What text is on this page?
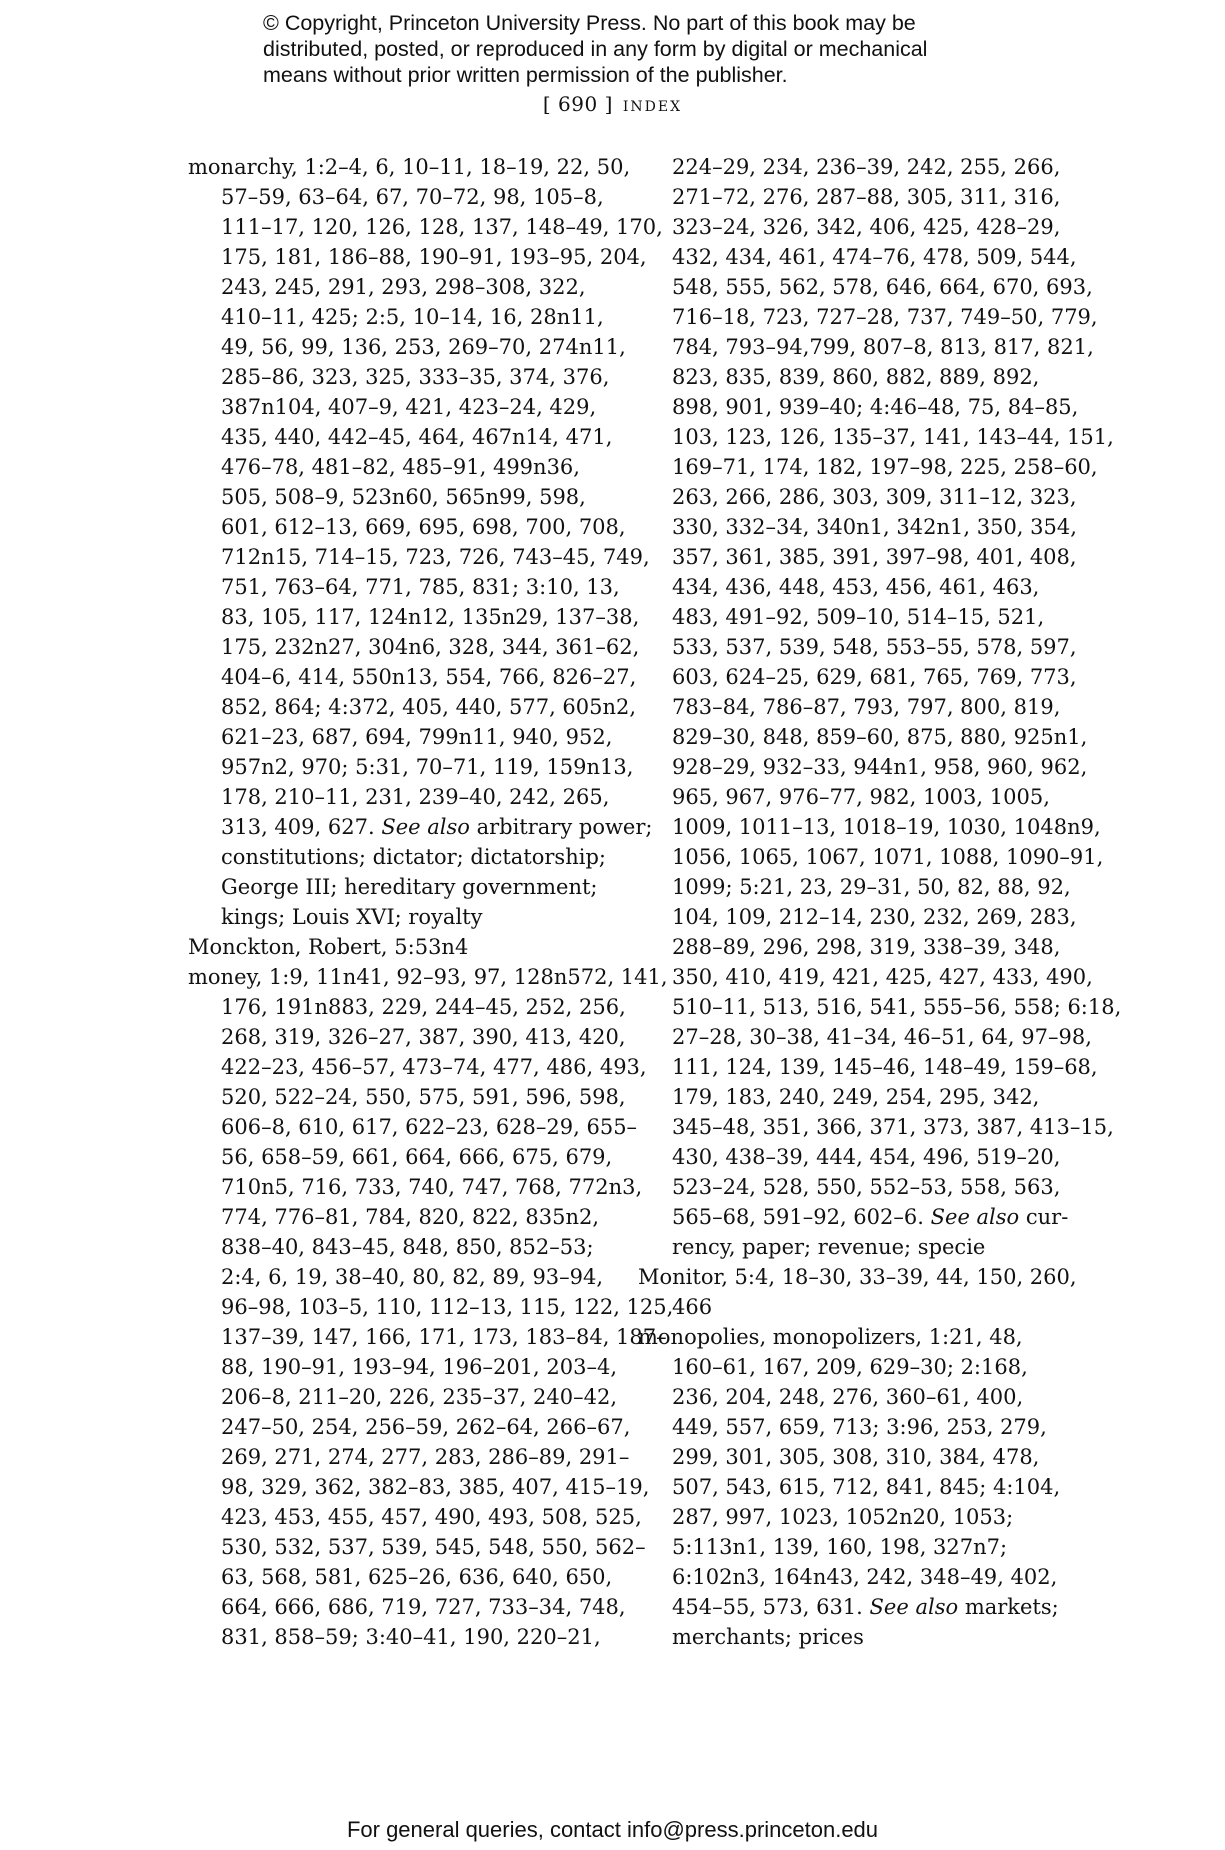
© Copyright, Princeton University Press. No part of this book may be
distributed, posted, or reproduced in any form by digital or mechanical
means without prior written permission of the publisher.
[ 690 ] index
monarchy, 1:2–4, 6, 10–11, 18–19, 22, 50,
57–59, 63–64, 67, 70–72, 98, 105–8,
111–17, 120, 126, 128, 137, 148–49, 170,
175, 181, 186–88, 190–91, 193–95, 204,
243, 245, 291, 293, 298–308, 322,
410–11, 425; 2:5, 10–14, 16, 28n11,
49, 56, 99, 136, 253, 269–70, 274n11,
285–86, 323, 325, 333–35, 374, 376,
387n104, 407–9, 421, 423–24, 429,
435, 440, 442–45, 464, 467n14, 471,
476–78, 481–82, 485–91, 499n36,
505, 508–9, 523n60, 565n99, 598,
601, 612–13, 669, 695, 698, 700, 708,
712n15, 714–15, 723, 726, 743–45, 749,
751, 763–64, 771, 785, 831; 3:10, 13,
83, 105, 117, 124n12, 135n29, 137–38,
175, 232n27, 304n6, 328, 344, 361–62,
404–6, 414, 550n13, 554, 766, 826–27,
852, 864; 4:372, 405, 440, 577, 605n2,
621–23, 687, 694, 799n11, 940, 952,
957n2, 970; 5:31, 70–71, 119, 159n13,
178, 210–11, 231, 239–40, 242, 265,
313, 409, 627. See also arbitrary power;
constitutions; dictator; dictatorship;
George III; hereditary government;
kings; Louis XVI; royalty
Monckton, Robert, 5:53n4
money, 1:9, 11n41, 92–93, 97, 128n572, 141,
176, 191n883, 229, 244–45, 252, 256,
268, 319, 326–27, 387, 390, 413, 420,
422–23, 456–57, 473–74, 477, 486, 493,
520, 522–24, 550, 575, 591, 596, 598,
606–8, 610, 617, 622–23, 628–29, 655–
56, 658–59, 661, 664, 666, 675, 679,
710n5, 716, 733, 740, 747, 768, 772n3,
774, 776–81, 784, 820, 822, 835n2,
838–40, 843–45, 848, 850, 852–53;
2:4, 6, 19, 38–40, 80, 82, 89, 93–94,
96–98, 103–5, 110, 112–13, 115, 122, 125,
137–39, 147, 166, 171, 173, 183–84, 187–
88, 190–91, 193–94, 196–201, 203–4,
206–8, 211–20, 226, 235–37, 240–42,
247–50, 254, 256–59, 262–64, 266–67,
269, 271, 274, 277, 283, 286–89, 291–
98, 329, 362, 382–83, 385, 407, 415–19,
423, 453, 455, 457, 490, 493, 508, 525,
530, 532, 537, 539, 545, 548, 550, 562–
63, 568, 581, 625–26, 636, 640, 650,
664, 666, 686, 719, 727, 733–34, 748,
831, 858–59; 3:40–41, 190, 220–21,
224–29, 234, 236–39, 242, 255, 266,
271–72, 276, 287–88, 305, 311, 316,
323–24, 326, 342, 406, 425, 428–29,
432, 434, 461, 474–76, 478, 509, 544,
548, 555, 562, 578, 646, 664, 670, 693,
716–18, 723, 727–28, 737, 749–50, 779,
784, 793–94,799, 807–8, 813, 817, 821,
823, 835, 839, 860, 882, 889, 892,
898, 901, 939–40; 4:46–48, 75, 84–85,
103, 123, 126, 135–37, 141, 143–44, 151,
169–71, 174, 182, 197–98, 225, 258–60,
263, 266, 286, 303, 309, 311–12, 323,
330, 332–34, 340n1, 342n1, 350, 354,
357, 361, 385, 391, 397–98, 401, 408,
434, 436, 448, 453, 456, 461, 463,
483, 491–92, 509–10, 514–15, 521,
533, 537, 539, 548, 553–55, 578, 597,
603, 624–25, 629, 681, 765, 769, 773,
783–84, 786–87, 793, 797, 800, 819,
829–30, 848, 859–60, 875, 880, 925n1,
928–29, 932–33, 944n1, 958, 960, 962,
965, 967, 976–77, 982, 1003, 1005,
1009, 1011–13, 1018–19, 1030, 1048n9,
1056, 1065, 1067, 1071, 1088, 1090–91,
1099; 5:21, 23, 29–31, 50, 82, 88, 92,
104, 109, 212–14, 230, 232, 269, 283,
288–89, 296, 298, 319, 338–39, 348,
350, 410, 419, 421, 425, 427, 433, 490,
510–11, 513, 516, 541, 555–56, 558; 6:18,
27–28, 30–38, 41–34, 46–51, 64, 97–98,
111, 124, 139, 145–46, 148–49, 159–68,
179, 183, 240, 249, 254, 295, 342,
345–48, 351, 366, 371, 373, 387, 413–15,
430, 438–39, 444, 454, 496, 519–20,
523–24, 528, 550, 552–53, 558, 563,
565–68, 591–92, 602–6. See also cur-
rency, paper; revenue; specie
Monitor, 5:4, 18–30, 33–39, 44, 150, 260,
466
monopolies, monopolizers, 1:21, 48,
160–61, 167, 209, 629–30; 2:168,
236, 204, 248, 276, 360–61, 400,
449, 557, 659, 713; 3:96, 253, 279,
299, 301, 305, 308, 310, 384, 478,
507, 543, 615, 712, 841, 845; 4:104,
287, 997, 1023, 1052n20, 1053;
5:113n1, 139, 160, 198, 327n7;
6:102n3, 164n43, 242, 348–49, 402,
454–55, 573, 631. See also markets;
merchants; prices
For general queries, contact info@press.princeton.edu
